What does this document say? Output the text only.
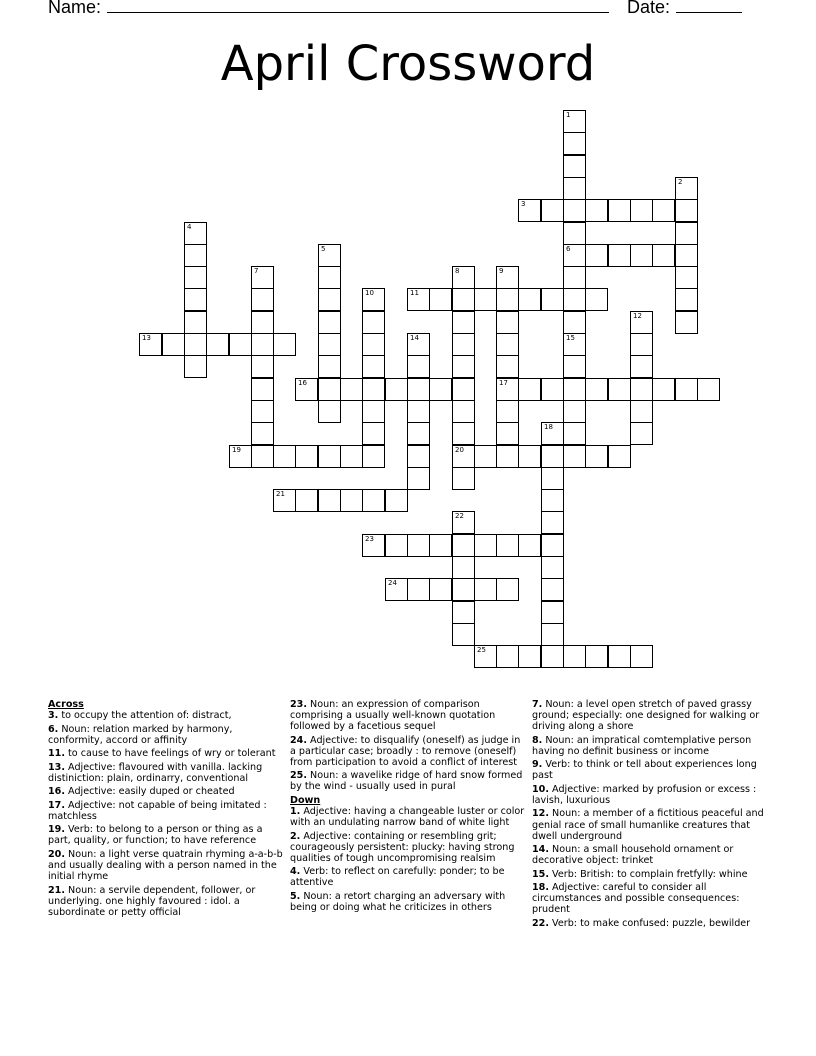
Name:	Date:
April Crossword
1
6
2
3
4
5
7	8
20
9
17
10	11
12
13	14	15
16
18
19
21
22
23
24
25
Across
3. to occupy the attention of: distract,
6. Noun: relation marked by harmony, conformity, accord or affinity
11. to cause to have feelings of wry or tolerant
13. Adjective: flavoured with vanilla. lacking distiniction: plain, ordinarry, conventional
16. Adjective: easily duped or cheated
17. Adjective: not capable of being imitated : matchless
19. Verb: to belong to a person or thing as a part, quality, or function; to have reference
20. Noun: a light verse quatrain rhyming a-a-b-b and usually dealing with a person named in the initial rhyme
21. Noun: a servile dependent, follower, or underlying. one highly favoured : idol. a subordinate or petty official
23. Noun: an expression of comparison comprising a usually well-known quotation followed by a facetious sequel
24. Adjective: to disqualify (oneself) as judge in a particular case; broadly : to remove (oneself) from participation to avoid a conflict of interest
25. Noun: a wavelike ridge of hard snow formed by the wind - usually used in pural
Down
1. Adjective: having a changeable luster or color with an undulating narrow band of white light
2. Adjective: containing or resembling grit; courageously persistent: plucky: having strong qualities of tough uncompromising realsim
4. Verb: to reflect on carefully: ponder; to be attentive
5. Noun: a retort charging an adversary with being or doing what he criticizes in others
7. Noun: a level open stretch of paved grassy ground; especially: one designed for walking or driving along a shore
8. Noun: an impratical comtemplative person having no definit business or income
9. Verb: to think or tell about experiences long past
10. Adjective: marked by profusion or excess : lavish, luxurious
12. Noun: a member of a fictitious peaceful and genial race of small humanlike creatures that dwell underground
14. Noun: a small household ornament or decorative object: trinket
15. Verb: British: to complain fretfylly: whine
18. Adjective: careful to consider all circumstances and possible consequences: prudent
22. Verb: to make confused: puzzle, bewilder
